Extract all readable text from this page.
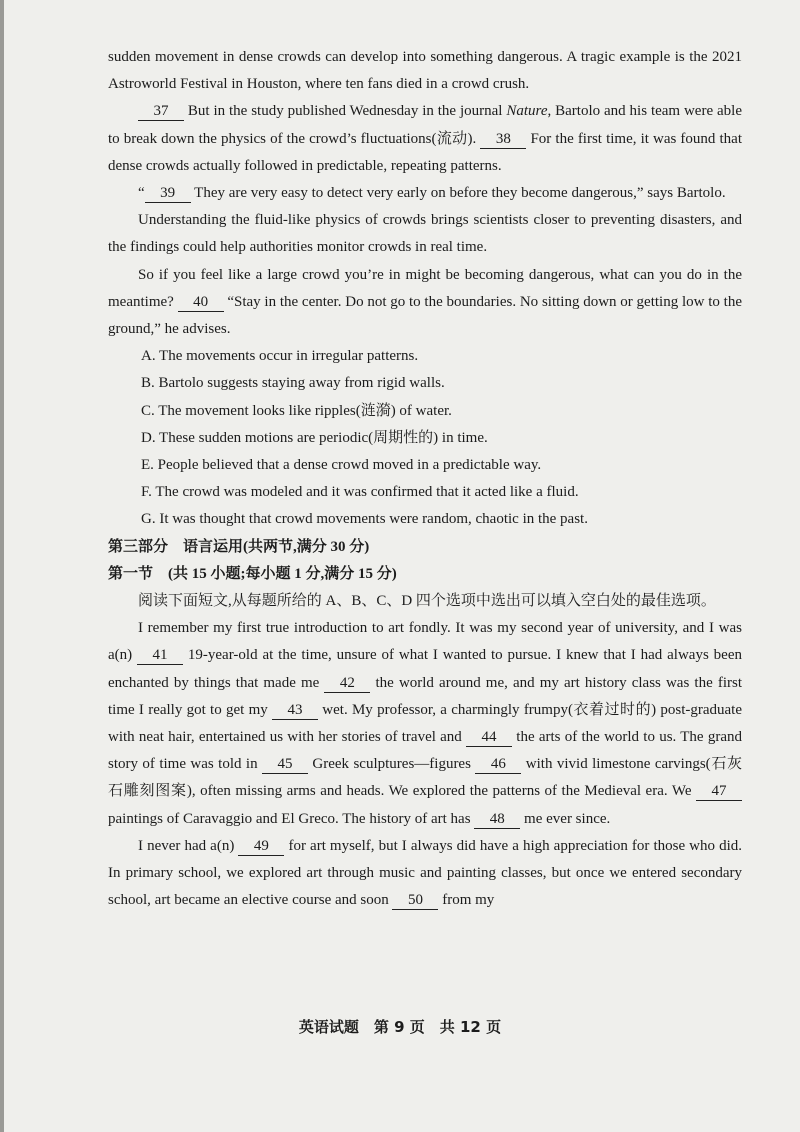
sudden movement in dense crowds can develop into something dangerous. A tragic example is the 2021 Astroworld Festival in Houston, where ten fans died in a crowd crush.

37 But in the study published Wednesday in the journal Nature, Bartolo and his team were able to break down the physics of the crowd’s fluctuations(流动). 38 For the first time, it was found that dense crowds actually followed in predictable, repeating patterns.

“ 39 They are very easy to detect very early on before they become dangerous,” says Bartolo.

Understanding the fluid-like physics of crowds brings scientists closer to preventing disasters, and the findings could help authorities monitor crowds in real time.

So if you feel like a large crowd you’re in might be becoming dangerous, what can you do in the meantime? 40 “Stay in the center. Do not go to the boundaries. No sitting down or getting low to the ground,” he advises.

A. The movements occur in irregular patterns.

B. Bartolo suggests staying away from rigid walls.

C. The movement looks like ripples(涟漪) of water.

D. These sudden motions are periodic(周期性的) in time.

E. People believed that a dense crowd moved in a predictable way.

F. The crowd was modeled and it was confirmed that it acted like a fluid.

G. It was thought that crowd movements were random, chaotic in the past.

第三部分　语言运用(共两节,满分 30 分)

第一节　(共 15 小题;每小题 1 分,满分 15 分)

阅读下面短文,从每题所给的 A、B、C、D 四个选项中选出可以填入空白处的最佳选项。

I remember my first true introduction to art fondly. It was my second year of university, and I was a(n) 41 19-year-old at the time, unsure of what I wanted to pursue. I knew that I had always been enchanted by things that made me 42 the world around me, and my art history class was the first time I really got to get my 43 wet. My professor, a charmingly frumpy(衣着过时的) post-graduate with neat hair, entertained us with her stories of travel and 44 the arts of the world to us. The grand story of time was told in 45 Greek sculptures—figures 46 with vivid limestone carvings(石灰石雕刻图案), often missing arms and heads. We explored the patterns of the Medieval era. We 47 paintings of Caravaggio and El Greco. The history of art has 48 me ever since.

I never had a(n) 49 for art myself, but I always did have a high appreciation for those who did. In primary school, we explored art through music and painting classes, but once we entered secondary school, art became an elective course and soon 50 from my

英语试题　第 9 页　共 12 页
